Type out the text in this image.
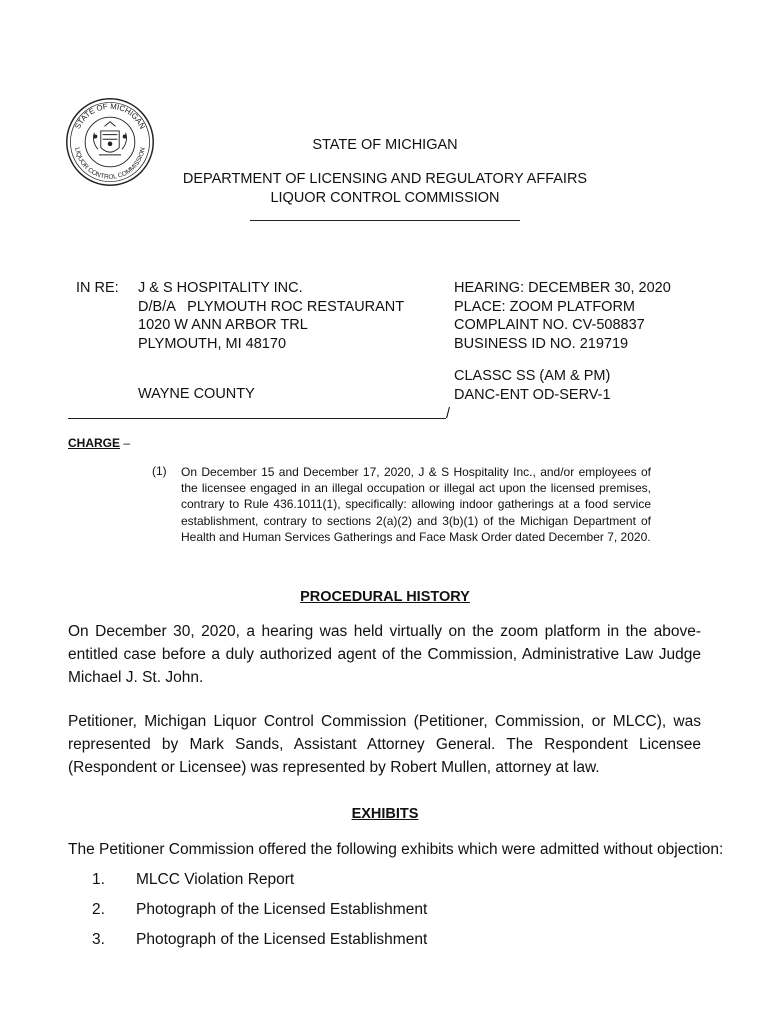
STATE OF MICHIGAN
LIQUOR CONTROL COMMISSION	STATE OF MICHIGAN
DEPARTMENT OF LICENSING AND REGULATORY AFFAIRS
LIQUOR CONTROL COMMISSION
IN RE: J & S HOSPITALITY INC.
D/B/A   PLYMOUTH ROC RESTAURANT
1020 W ANN ARBOR TRL
PLYMOUTH, MI 48170
WAYNE COUNTY
HEARING: DECEMBER 30, 2020
PLACE: ZOOM PLATFORM
COMPLAINT NO. CV-508837
BUSINESS ID NO. 219719
CLASSC SS (AM & PM)
DANC-ENT OD-SERV-1
/
CHARGE –
(1) On December 15 and December 17, 2020, J & S Hospitality Inc., and/or employees of the licensee engaged in an illegal occupation or illegal act upon the licensed premises, contrary to Rule 436.1011(1), specifically: allowing indoor gatherings at a food service establishment, contrary to sections 2(a)(2) and 3(b)(1) of the Michigan Department of Health and Human Services Gatherings and Face Mask Order dated December 7, 2020.
PROCEDURAL HISTORY
On December 30, 2020, a hearing was held virtually on the zoom platform in the above-entitled case before a duly authorized agent of the Commission, Administrative Law Judge Michael J. St. John.
Petitioner, Michigan Liquor Control Commission (Petitioner, Commission, or MLCC), was represented by Mark Sands, Assistant Attorney General. The Respondent Licensee (Respondent or Licensee) was represented by Robert Mullen, attorney at law.
EXHIBITS
The Petitioner Commission offered the following exhibits which were admitted without objection:
1. MLCC Violation Report
2. Photograph of the Licensed Establishment
3. Photograph of the Licensed Establishment
